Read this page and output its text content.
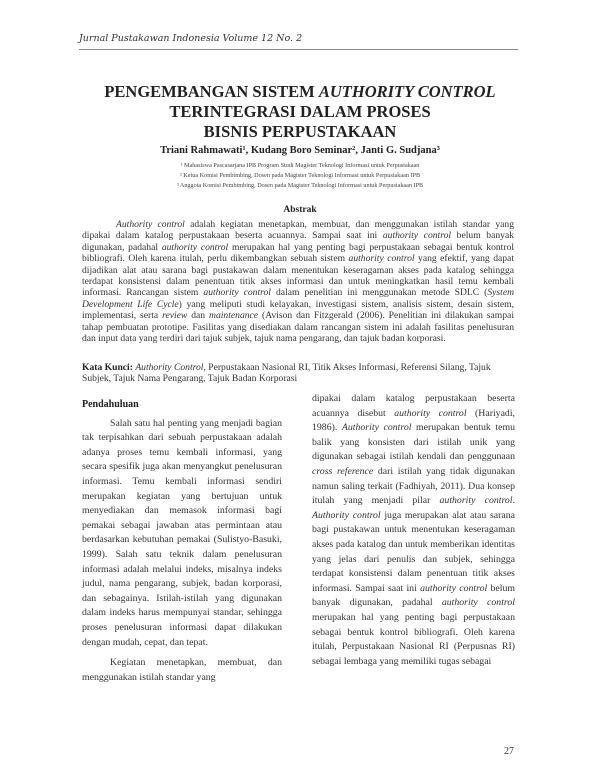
Jurnal Pustakawan Indonesia Volume 12 No. 2
PENGEMBANGAN SISTEM AUTHORITY CONTROL
TERINTEGRASI DALAM PROSES
BISNIS PERPUSTAKAAN
Triani Rahmawati¹, Kudang Boro Seminar², Janti G. Sudjana³
¹ Mahasiswa Pascasarjana IPB Program Studi Magister Teknologi Informasi untuk Perpustakaan
² Ketua Komisi Pembimbing, Dosen pada Magister Teknologi Informasi untuk Perpustakaan IPB
³ Anggota Komisi Pembimbing, Dosen pada Magister Teknologi Informasi untuk Perpustakaan IPB
Abstrak

Authority control adalah kegiatan menetapkan, membuat, dan menggunakan istilah standar yang dipakai dalam katalog perpustakaan beserta acuannya. Sampai saat ini authority control belum banyak digunakan, padahal authority control merupakan hal yang penting bagi perpustakaan sebagai bentuk kontrol bibliografi. Oleh karena itulah, perlu dikembangkan sebuah sistem authority control yang efektif, yang dapat dijadikan alat atau sarana bagi pustakawan dalam menentukan keseragaman akses pada katalog sehingga terdapat konsistensi dalam penentuan titik akses informasi dan untuk meningkatkan hasil temu kembali informasi. Rancangan sistem authority control dalam penelitian ini menggunakan metode SDLC (System Development Life Cycle) yang meliputi studi kelayakan, investigasi sistem, analisis sistem, desain sistem, implementasi, serta review dan maintenance (Avison dan Fitzgerald (2006). Penelitian ini dilakukan sampai tahap pembuatan prototipe. Fasilitas yang disediakan dalam rancangan sistem ini adalah fasilitas penelusuran dan input data yang terdiri dari tajuk subjek, tajuk nama pengarang, dan tajuk badan korporasi.

Kata Kunci: Authority Control, Perpustakaan Nasional RI, Titik Akses Informasi, Referensi Silang, Tajuk Subjek, Tajuk Nama Pengarang, Tajuk Badan Korporasi

Pendahuluan

Salah satu hal penting yang menjadi bagian tak terpisahkan dari sebuah perpustakaan adalah adanya proses temu kembali informasi, yang secara spesifik juga akan menyangkut penelusuran informasi. Temu kembali informasi sendiri merupakan kegiatan yang bertujuan untuk menyediakan dan memasok informasi bagi pemakai sebagai jawaban atas permintaan atau berdasarkan kebutuhan pemakai (Sulistyo-Basuki, 1999). Salah satu teknik dalam penelusuran informasi adalah melalui indeks, misalnya indeks judul, nama pengarang, subjek, badan korporasi, dan sebagainya. Istilah-istilah yang digunakan dalam indeks harus mempunyai standar, sehingga proses penelusuran informasi dapat dilakukan dengan mudah, cepat, dan tepat.

Kegiatan menetapkan, membuat, dan menggunakan istilah standar yang

dipakai dalam katalog perpustakaan beserta acuannya disebut authority control (Hariyadi, 1986). Authority control merupakan bentuk temu balik yang konsisten dari istilah unik yang digunakan sebagai istilah kendali dan penggunaan cross reference dari istilah yang tidak digunakan namun saling terkait (Fadhiyah, 2011). Dua konsep itulah yang menjadi pilar authority control. Authority control juga merupakan alat atau sarana bagi pustakawan untuk menentukan keseragaman akses pada katalog dan untuk memberikan identitas yang jelas dari penulis dan subjek, sehingga terdapat konsistensi dalam penentuan titik akses informasi. Sampai saat ini authority control belum banyak digunakan, padahal authority control merupakan hal yang penting bagi perpustakaan sebagai bentuk kontrol bibliografi. Oleh karena itulah, Perpustakaan Nasional RI (Perpusnas RI) sebagai lembaga yang memiliki tugas sebagai

27
